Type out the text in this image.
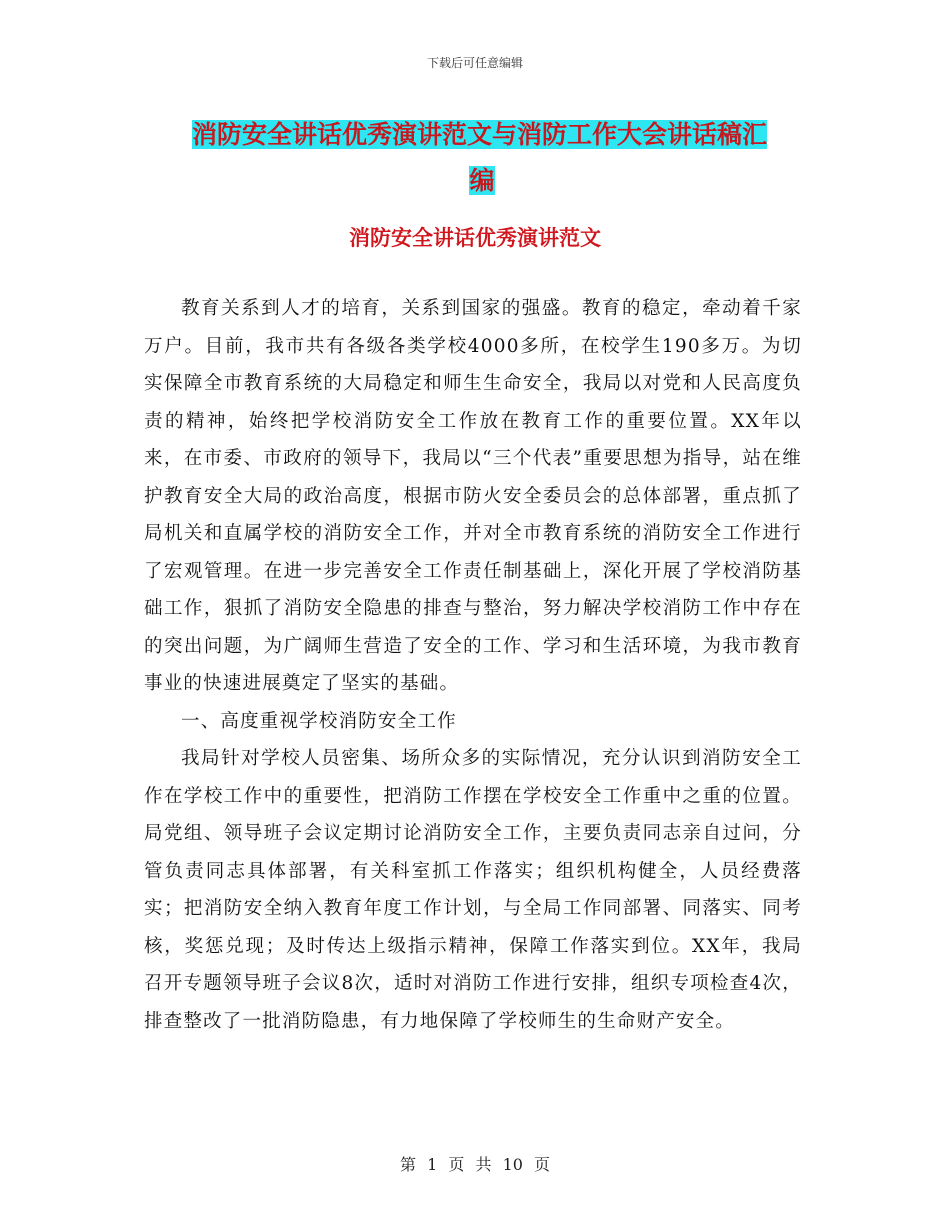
下载后可任意编辑
消防安全讲话优秀演讲范文与消防工作大会讲话稿汇

编
消防安全讲话优秀演讲范文

教育关系到人才的培育，关系到国家的强盛。教育的稳定，牵动着千家万户。目前，我市共有各级各类学校4000多所，在校学生190多万。为切实保障全市教育系统的大局稳定和师生生命安全，我局以对党和人民高度负责的精神，始终把学校消防安全工作放在教育工作的重要位置。XX年以来，在市委、市政府的领导下，我局以“三个代表”重要思想为指导，站在维护教育安全大局的政治高度，根据市防火安全委员会的总体部署，重点抓了局机关和直属学校的消防安全工作，并对全市教育系统的消防安全工作进行了宏观管理。在进一步完善安全工作责任制基础上，深化开展了学校消防基础工作，狠抓了消防安全隐患的排查与整治，努力解决学校消防工作中存在的突出问题，为广阔师生营造了安全的工作、学习和生活环境，为我市教育事业的快速进展奠定了坚实的基础。

一、高度重视学校消防安全工作

我局针对学校人员密集、场所众多的实际情况，充分认识到消防安全工作在学校工作中的重要性，把消防工作摆在学校安全工作重中之重的位置。局党组、领导班子会议定期讨论消防安全工作，主要负责同志亲自过问，分管负责同志具体部署，有关科室抓工作落实；组织机构健全，人员经费落实；把消防安全纳入教育年度工作计划，与全局工作同部署、同落实、同考核，奖惩兑现；及时传达上级指示精神，保障工作落实到位。XX年，我局召开专题领导班子会议8次，适时对消防工作进行安排，组织专项检查4次，排查整改了一批消防隐患，有力地保障了学校师生的生命财产安全。

第 1 页 共 10 页
